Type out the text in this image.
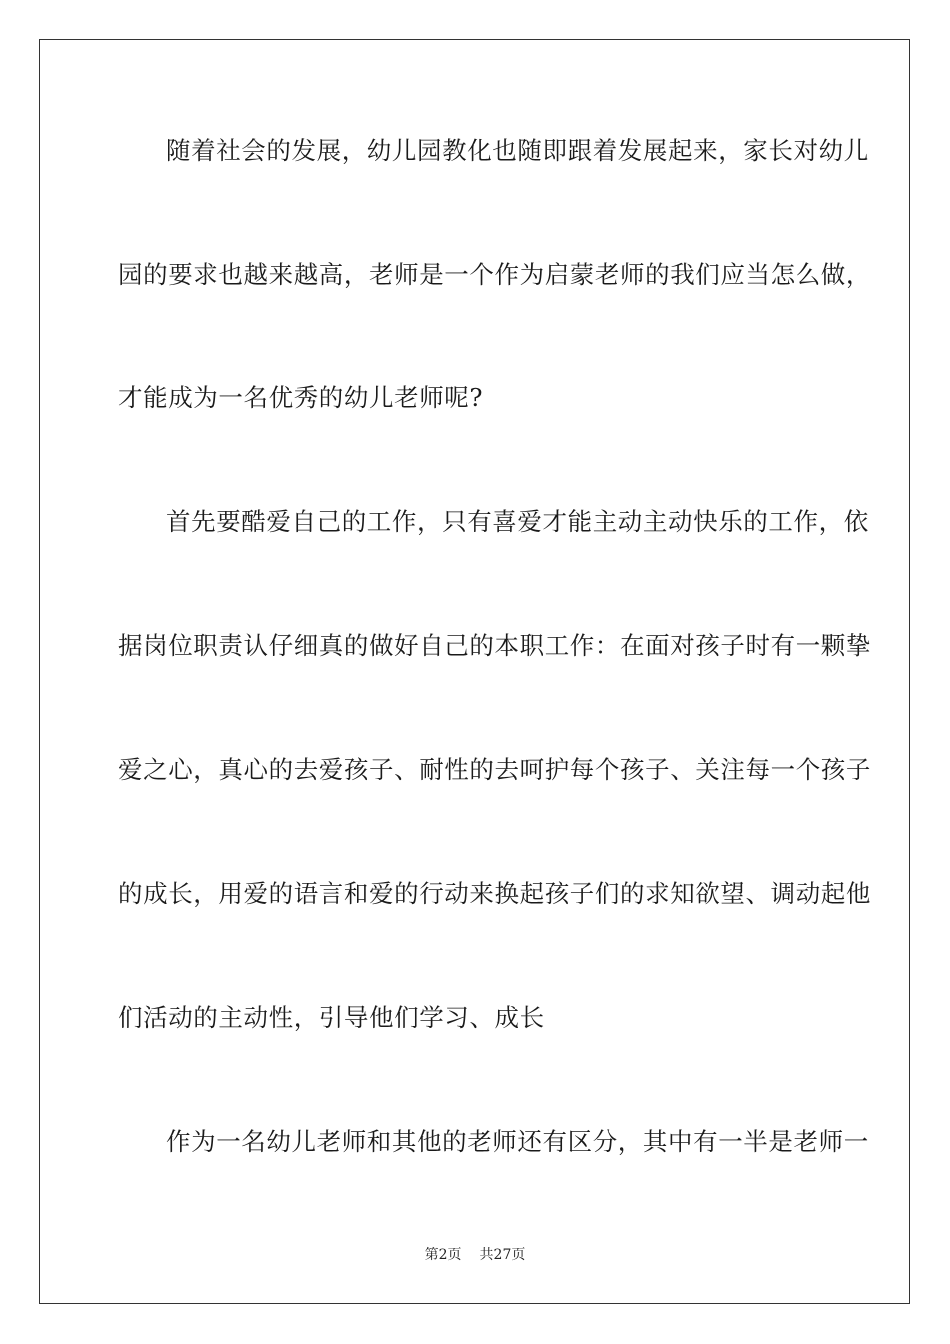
随着社会的发展，幼儿园教化也随即跟着发展起来，家长对幼儿
园的要求也越来越高，老师是一个作为启蒙老师的我们应当怎么做，
才能成为一名优秀的幼儿老师呢?
首先要酷爱自己的工作，只有喜爱才能主动主动快乐的工作，依
据岗位职责认仔细真的做好自己的本职工作：在面对孩子时有一颗挚
爱之心，真心的去爱孩子、耐性的去呵护每个孩子、关注每一个孩子
的成长，用爱的语言和爱的行动来换起孩子们的求知欲望、调动起他
们活动的主动性，引导他们学习、成长
作为一名幼儿老师和其他的老师还有区分，其中有一半是老师一
第2页 共27页
